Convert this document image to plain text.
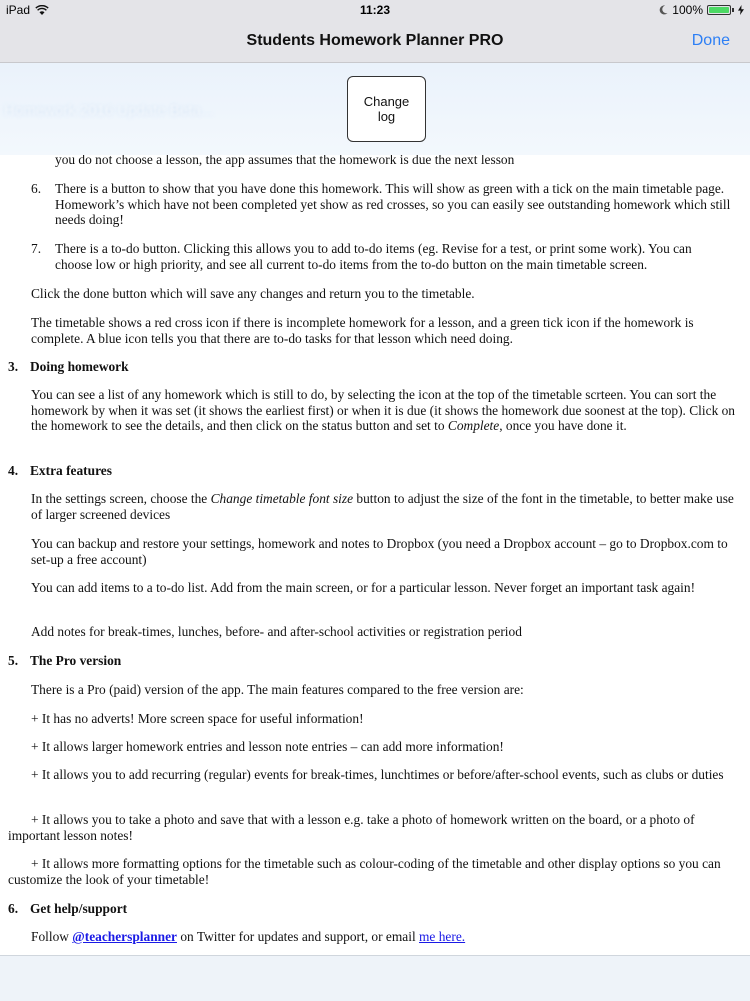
iPad	11:23	100%
Students Homework Planner PRO	Done
Homework 2016 Update Beta...
Change log
you do not choose a lesson, the app assumes that the homework is due the next lesson
6. There is a button to show that you have done this homework. This will show as green with a tick on the main timetable page. Homework’s which have not been completed yet show as red crosses, so you can easily see outstanding homework which still needs doing!
7. There is a to-do button. Clicking this allows you to add to-do items (eg. Revise for a test, or print some work). You can choose low or high priority, and see all current to-do items from the to-do button on the main timetable screen.
Click the done button which will save any changes and return you to the timetable.
The timetable shows a red cross icon if there is incomplete homework for a lesson, and a green tick icon if the homework is complete. A blue icon tells you that there are to-do tasks for that lesson which need doing.
3. Doing homework
You can see a list of any homework which is still to do, by selecting the icon at the top of the timetable scrteen. You can sort the homework by when it was set (it shows the earliest first) or when it is due (it shows the homework due soonest at the top). Click on the homework to see the details, and then click on the status button and set to Complete, once you have done it.
4. Extra features
In the settings screen, choose the Change timetable font size button to adjust the size of the font in the timetable, to better make use of larger screened devices
You can backup and restore your settings, homework and notes to Dropbox (you need a Dropbox account – go to Dropbox.com to set-up a free account)
You can add items to a to-do list. Add from the main screen, or for a particular lesson. Never forget an important task again!
Add notes for break-times, lunches, before- and after-school activities or registration period
5. The Pro version
There is a Pro (paid) version of the app. The main features compared to the free version are:
+ It has no adverts! More screen space for useful information!
+ It allows larger homework entries and lesson note entries – can add more information!
+ It allows you to add recurring (regular) events for break-times, lunchtimes or before/after-school events, such as clubs or duties
+ It allows you to take a photo and save that with a lesson e.g. take a photo of homework written on the board, or a photo of important lesson notes!
+ It allows more formatting options for the timetable such as colour-coding of the timetable and other display options so you can customize the look of your timetable!
6. Get help/support
Follow @teachersplanner on Twitter for updates and support, or email me here.
